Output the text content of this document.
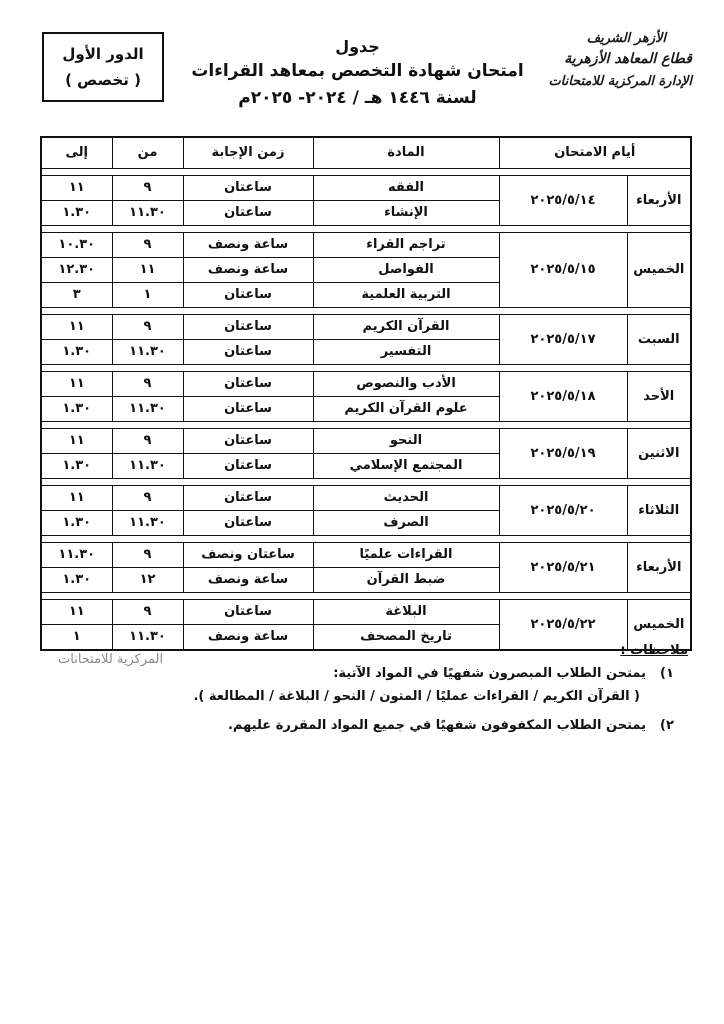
الدور الأول
( تخصص )
جدول
امتحان شهادة التخصص بمعاهد القراءات
لسنة ١٤٤٦ هـ / ٢٠٢٤- ٢٠٢٥م
الأزهر الشريف
قطاع المعاهد الأزهرية
الإدارة المركزية للامتحانات
أيام الامتحان		المادة	زمن الإجابة	من	إلى

الأربعاء	٢٠٢٥/٥/١٤	الفقه	ساعتان	٩	١١
		الإنشاء	ساعتان	١١.٣٠	١.٣٠

الخميس	٢٠٢٥/٥/١٥	تراجم القراء	ساعة ونصف	٩	١٠.٣٠
		الفواصل	ساعة ونصف	١١	١٢.٣٠
		التربية العلمية	ساعتان	١	٣

السبت	٢٠٢٥/٥/١٧	القرآن الكريم	ساعتان	٩	١١
		التفسير	ساعتان	١١.٣٠	١.٣٠

الأحد	٢٠٢٥/٥/١٨	الأدب والنصوص	ساعتان	٩	١١
		علوم القرآن الكريم	ساعتان	١١.٣٠	١.٣٠

الاثنين	٢٠٢٥/٥/١٩	النحو	ساعتان	٩	١١
		المجتمع الإسلامي	ساعتان	١١.٣٠	١.٣٠

الثلاثاء	٢٠٢٥/٥/٢٠	الحديث	ساعتان	٩	١١
		الصرف	ساعتان	١١.٣٠	١.٣٠

الأربعاء	٢٠٢٥/٥/٢١	القراءات علميًا	ساعتان ونصف	٩	١١.٣٠
		ضبط القرآن	ساعة ونصف	١٢	١.٣٠

الخميس	٢٠٢٥/٥/٢٢	البلاغة	ساعتان	٩	١١
		تاريخ المصحف	ساعة ونصف	١١.٣٠	١
المركزية للامتحانات
ملاحظات :
١)
يمتحن الطلاب المبصرون شفهيًا في المواد الآتية:
( القرآن الكريم / القراءات عمليًا / المتون / النحو / البلاغة / المطالعة ).
٢)
يمتحن الطلاب المكفوفون شفهيًا في جميع المواد المقررة عليهم.
